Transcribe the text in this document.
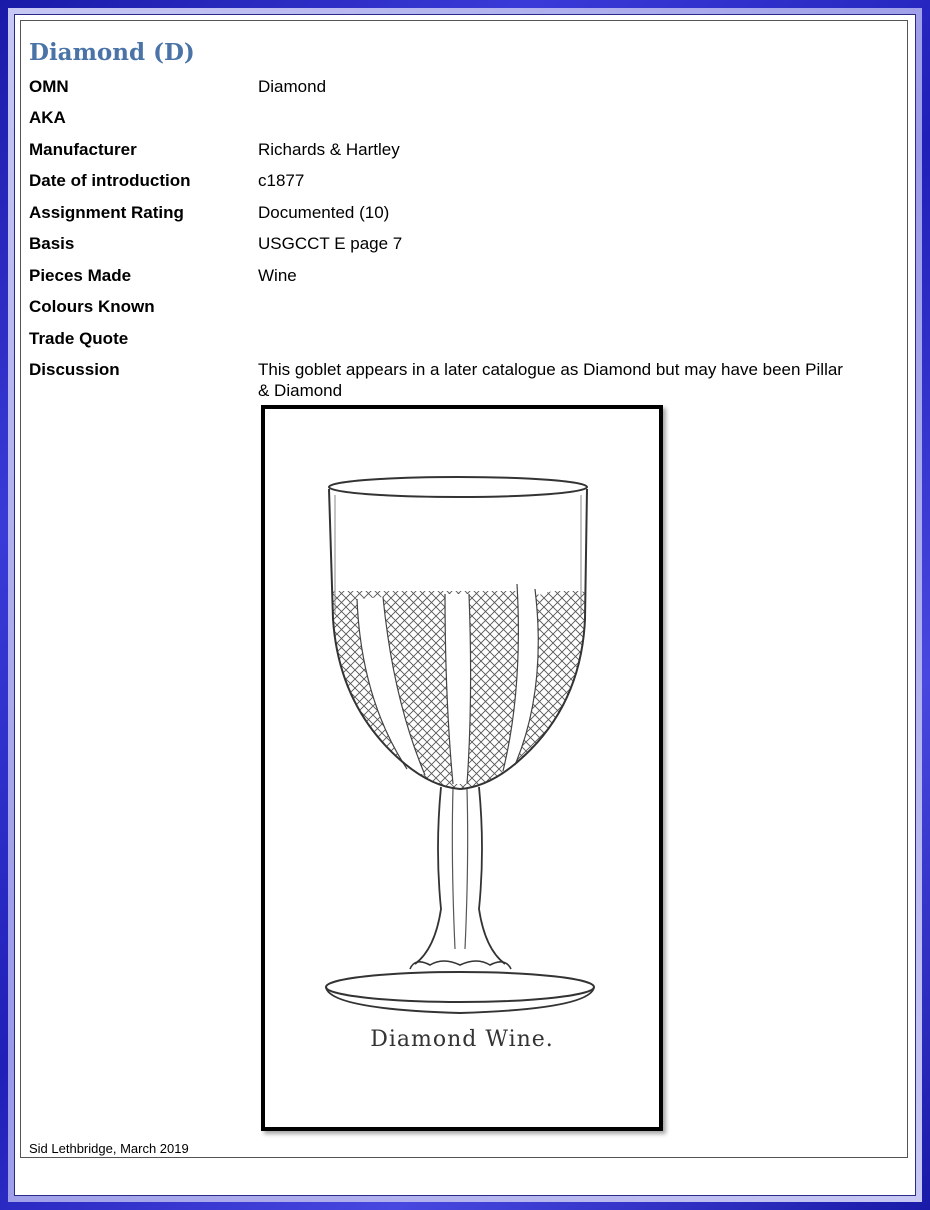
Diamond (D)
OMN	Diamond
AKA
Manufacturer	Richards & Hartley
Date of introduction	c1877
Assignment Rating	Documented (10)
Basis	USGCCT E page 7
Pieces Made	Wine
Colours Known
Trade Quote
Discussion	This goblet appears in a later catalogue as Diamond but may have been Pillar & Diamond
Diamond Wine.
Sid Lethbridge, March 2019
